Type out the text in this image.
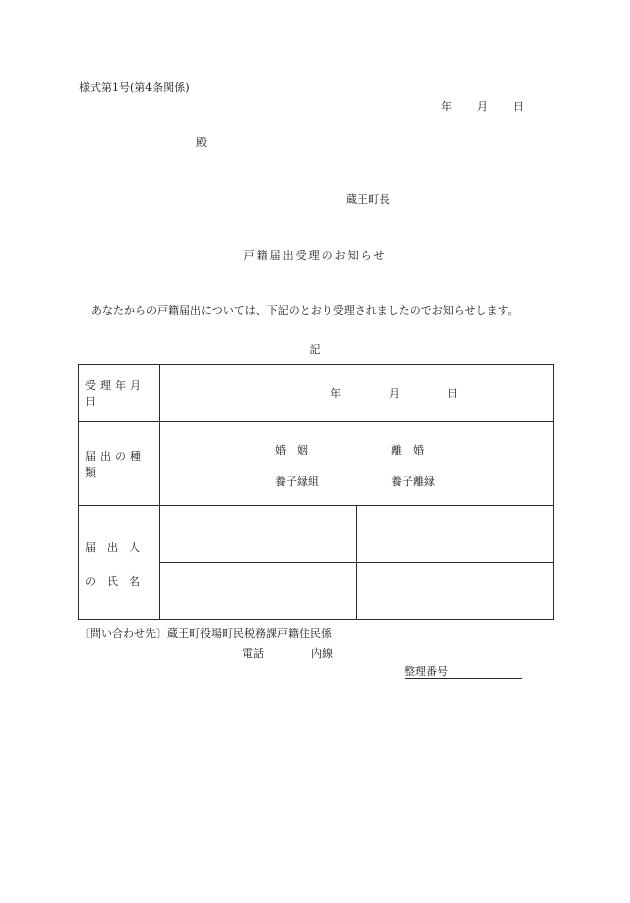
様式第1号(第4条関係)
年 月 日
殿
蔵王町長
戸籍届出受理のお知らせ
あなたからの戸籍届出については、下記のとおり受理されましたのでお知らせします。
記
受理年月日	年 月 日	

届出の種類	婚　姻 離　婚
養子縁組 養子離縁	

届　出　人
の　氏　名		

〔問い合わせ先〕蔵王町役場町民税務課戸籍住民係
電話	内線
整理番号
